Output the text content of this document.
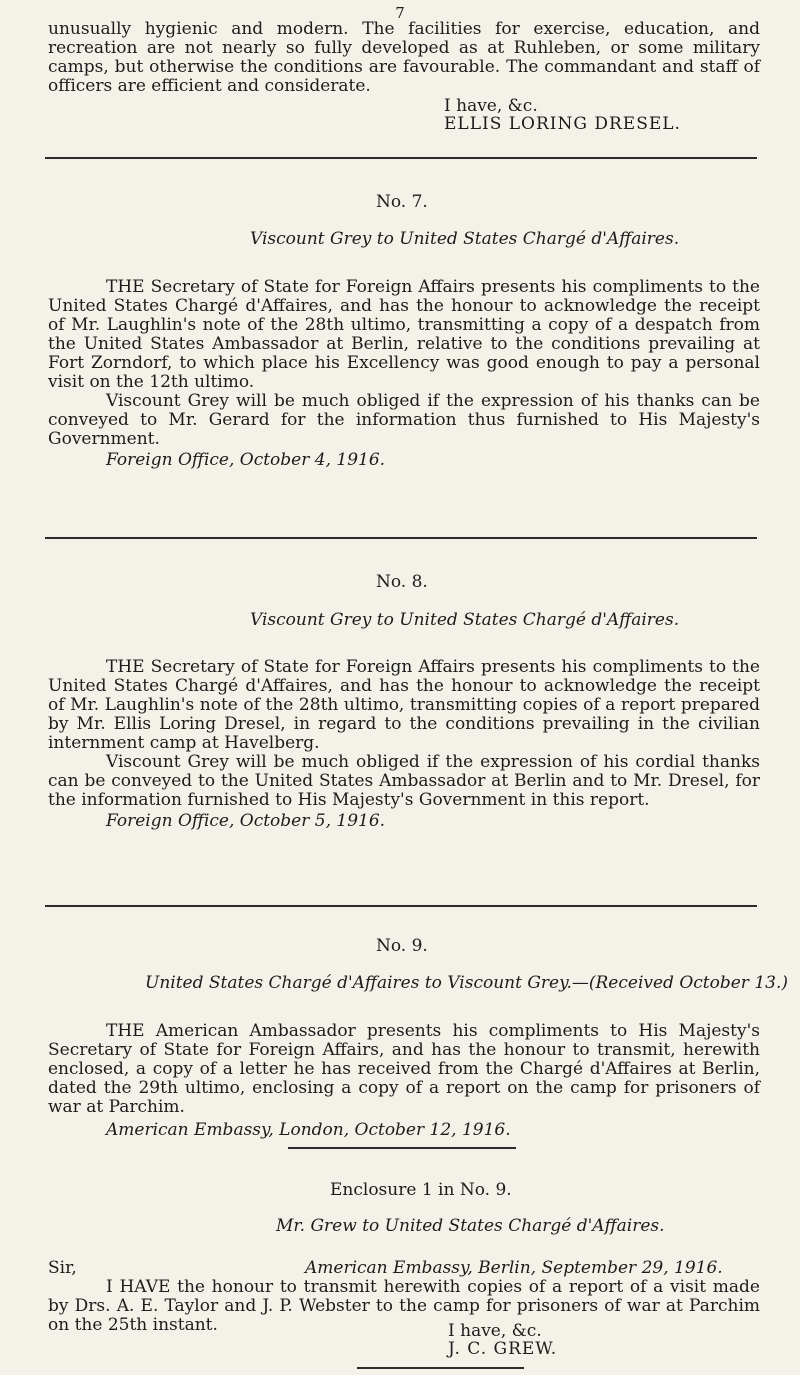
7

unusually hygienic and modern. The facilities for exercise, education, and recreation are not nearly so fully developed as at Ruhleben, or some military camps, but otherwise the conditions are favourable. The commandant and staff of officers are efficient and considerate.

I have, &c.
ELLIS LORING DRESEL.
No. 7.
Viscount Grey to United States Chargé d'Affaires.

THE Secretary of State for Foreign Affairs presents his compliments to the United States Chargé d'Affaires, and has the honour to acknowledge the receipt of Mr. Laughlin's note of the 28th ultimo, transmitting a copy of a despatch from the United States Ambassador at Berlin, relative to the conditions prevailing at Fort Zorndorf, to which place his Excellency was good enough to pay a personal visit on the 12th ultimo.

Viscount Grey will be much obliged if the expression of his thanks can be conveyed to Mr. Gerard for the information thus furnished to His Majesty's Government.

Foreign Office, October 4, 1916.

No. 8.
Viscount Grey to United States Chargé d'Affaires.

THE Secretary of State for Foreign Affairs presents his compliments to the United States Chargé d'Affaires, and has the honour to acknowledge the receipt of Mr. Laughlin's note of the 28th ultimo, transmitting copies of a report prepared by Mr. Ellis Loring Dresel, in regard to the conditions prevailing in the civilian internment camp at Havelberg.

Viscount Grey will be much obliged if the expression of his cordial thanks can be conveyed to the United States Ambassador at Berlin and to Mr. Dresel, for the information furnished to His Majesty's Government in this report.

Foreign Office, October 5, 1916.

No. 9.
United States Chargé d'Affaires to Viscount Grey.—(Received October 13.)

THE American Ambassador presents his compliments to His Majesty's Secretary of State for Foreign Affairs, and has the honour to transmit, herewith enclosed, a copy of a letter he has received from the Chargé d'Affaires at Berlin, dated the 29th ultimo, enclosing a copy of a report on the camp for prisoners of war at Parchim.

American Embassy, London, October 12, 1916.

Enclosure 1 in No. 9.
Mr. Grew to United States Chargé d'Affaires.
Sir,	American Embassy, Berlin, September 29, 1916.

I HAVE the honour to transmit herewith copies of a report of a visit made by Drs. A. E. Taylor and J. P. Webster to the camp for prisoners of war at Parchim on the 25th instant.	I have, &c.
J. C. GREW.
